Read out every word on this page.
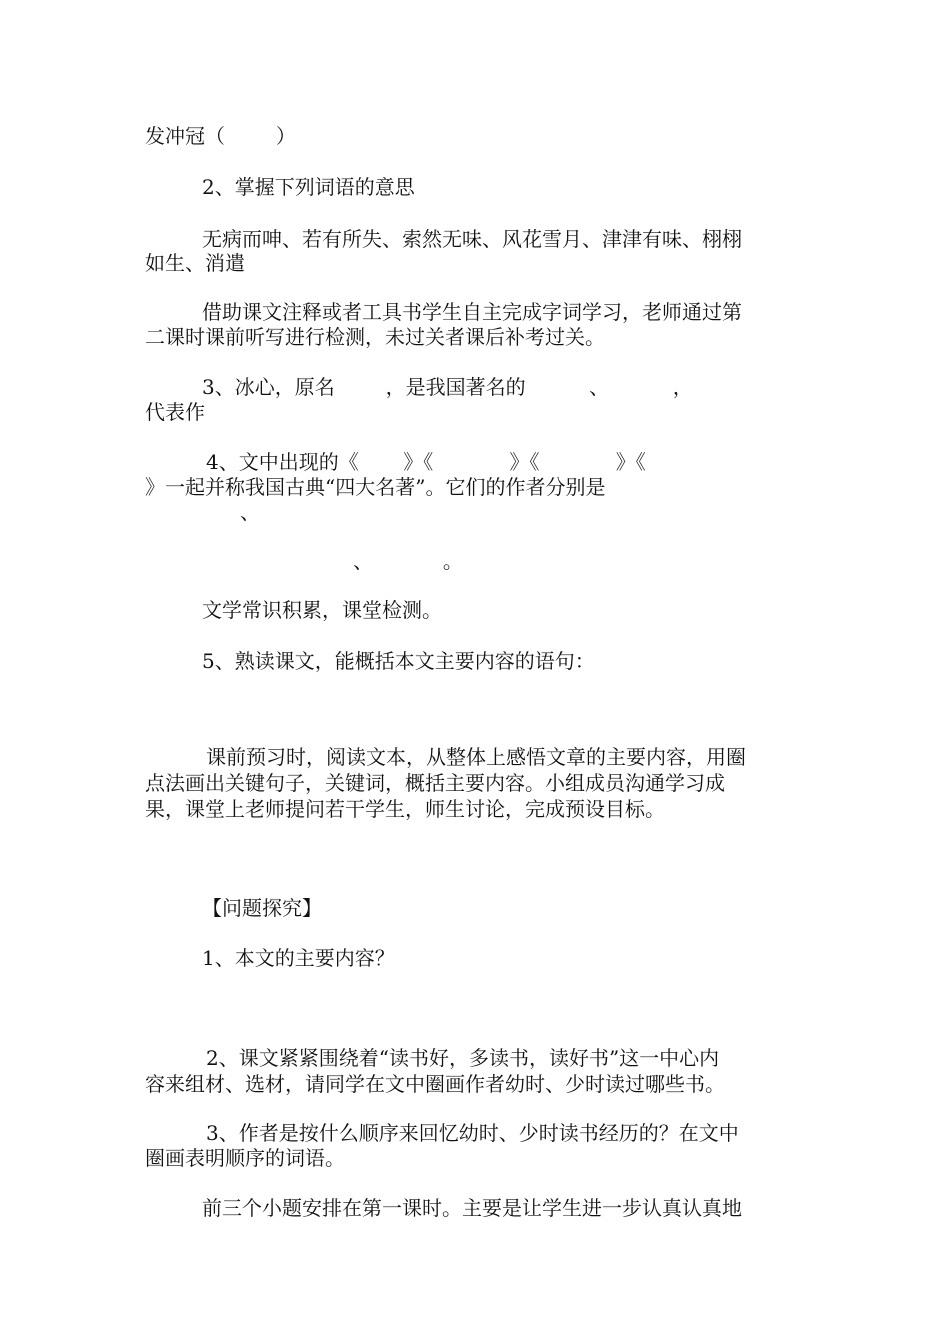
发冲冠（        ）
2、掌握下列词语的意思
无病而呻、若有所失、索然无味、风花雪月、津津有味、栩栩
如生、消遣
借助课文注释或者工具书学生自主完成字词学习，老师通过第
二课时课前听写进行检测，未过关者课后补考过关。
3、冰心，原名        ，是我国著名的          、          ，
代表作
4、文中出现的《       》《            》《            》《
》一起并称我国古典“四大名著”。它们的作者分别是
、
、           。
文学常识积累，课堂检测。
5、熟读课文，能概括本文主要内容的语句：
课前预习时，阅读文本，从整体上感悟文章的主要内容，用圈
点法画出关键句子，关键词，概括主要内容。小组成员沟通学习成
果，课堂上老师提问若干学生，师生讨论，完成预设目标。
【问题探究】
1、本文的主要内容？
2、课文紧紧围绕着“读书好，多读书，读好书”这一中心内
容来组材、选材，请同学在文中圈画作者幼时、少时读过哪些书。
3、作者是按什么顺序来回忆幼时、少时读书经历的？在文中
圈画表明顺序的词语。
前三个小题安排在第一课时。主要是让学生进一步认真认真地
